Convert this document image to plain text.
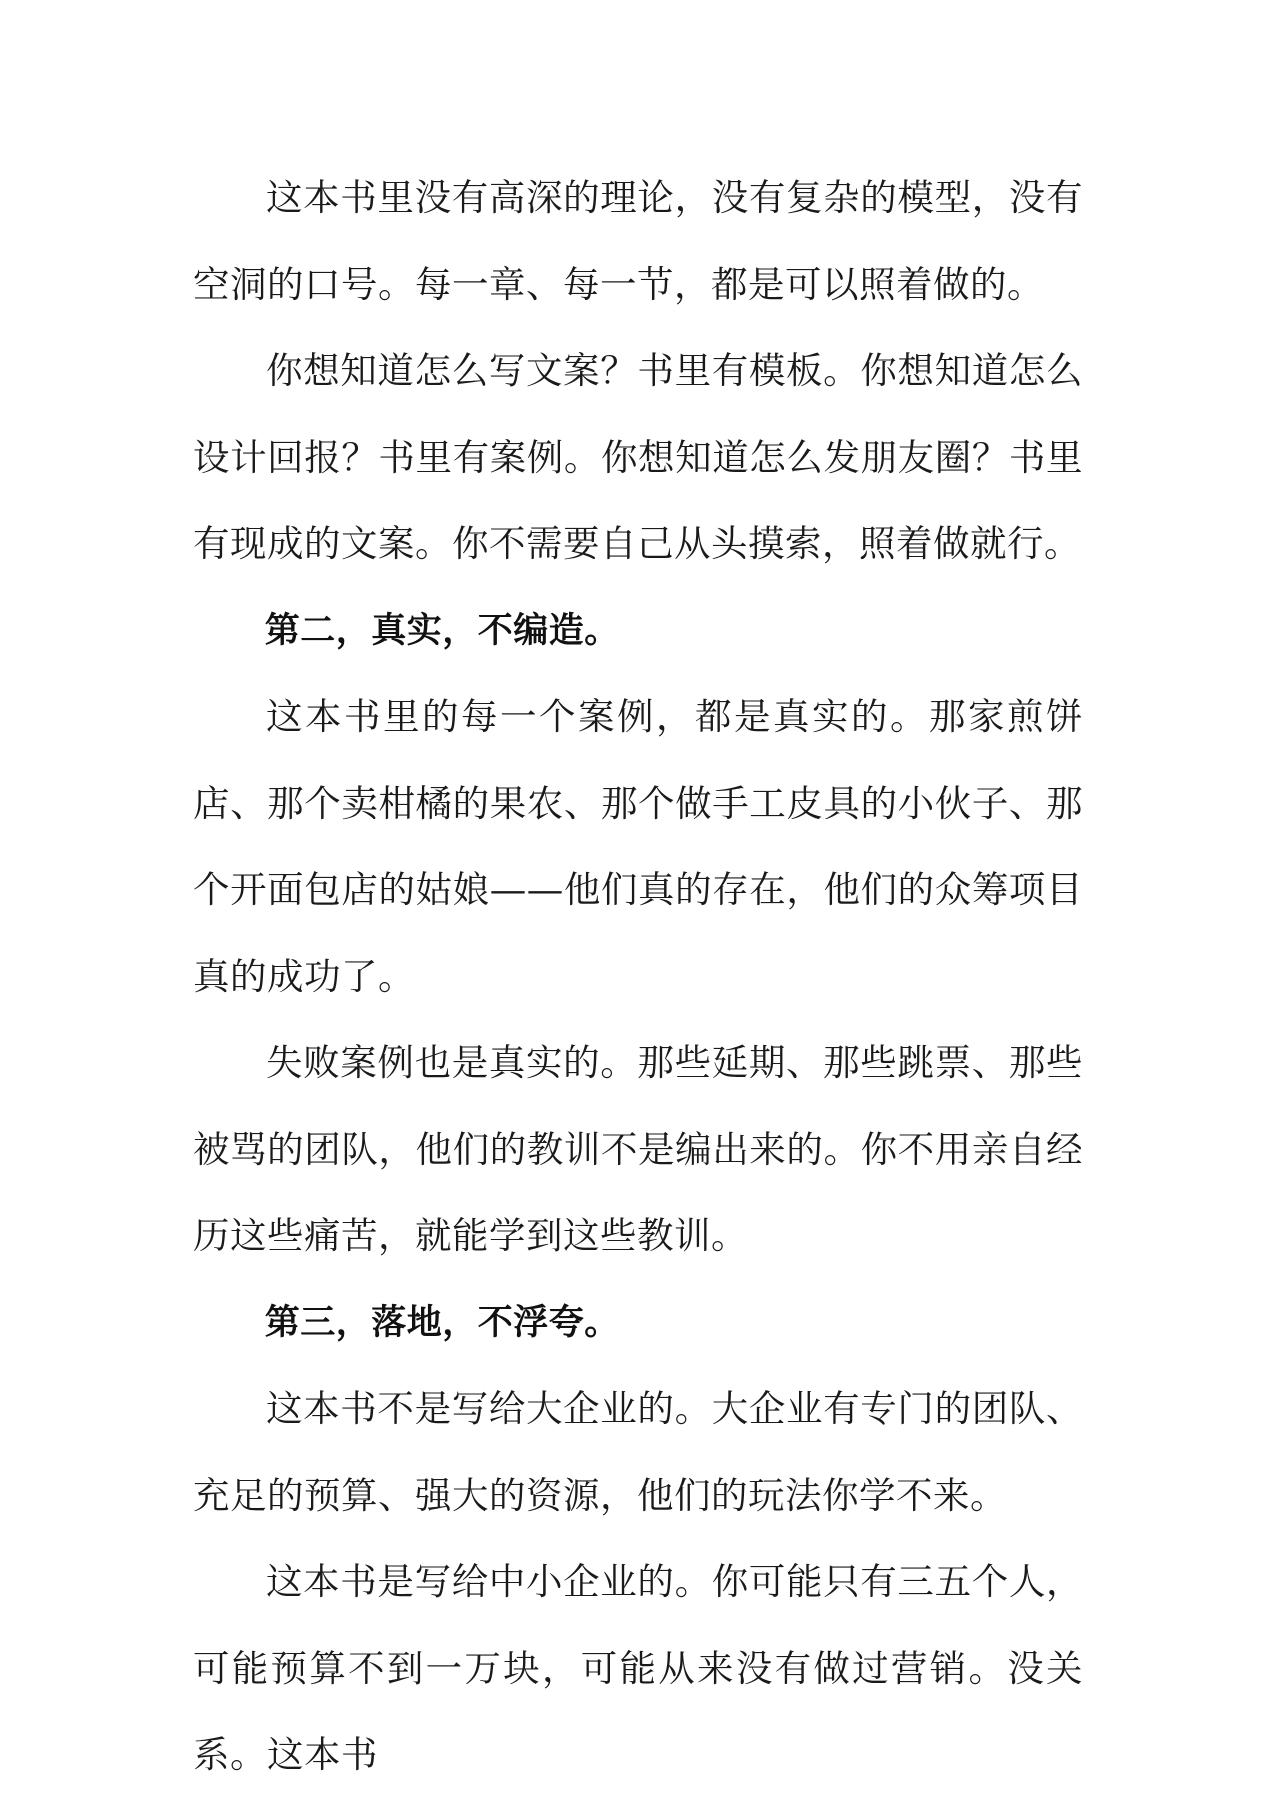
这本书里没有高深的理论，没有复杂的模型，没有空洞的口号。每一章、每一节，都是可以照着做的。

你想知道怎么写文案？书里有模板。你想知道怎么设计回报？书里有案例。你想知道怎么发朋友圈？书里有现成的文案。你不需要自己从头摸索，照着做就行。

第二，真实，不编造。

这本书里的每一个案例，都是真实的。那家煎饼店、那个卖柑橘的果农、那个做手工皮具的小伙子、那个开面包店的姑娘——他们真的存在，他们的众筹项目真的成功了。

失败案例也是真实的。那些延期、那些跳票、那些被骂的团队，他们的教训不是编出来的。你不用亲自经历这些痛苦，就能学到这些教训。

第三，落地，不浮夸。

这本书不是写给大企业的。大企业有专门的团队、充足的预算、强大的资源，他们的玩法你学不来。

这本书是写给中小企业的。你可能只有三五个人，可能预算不到一万块，可能从来没有做过营销。没关系。这本书
